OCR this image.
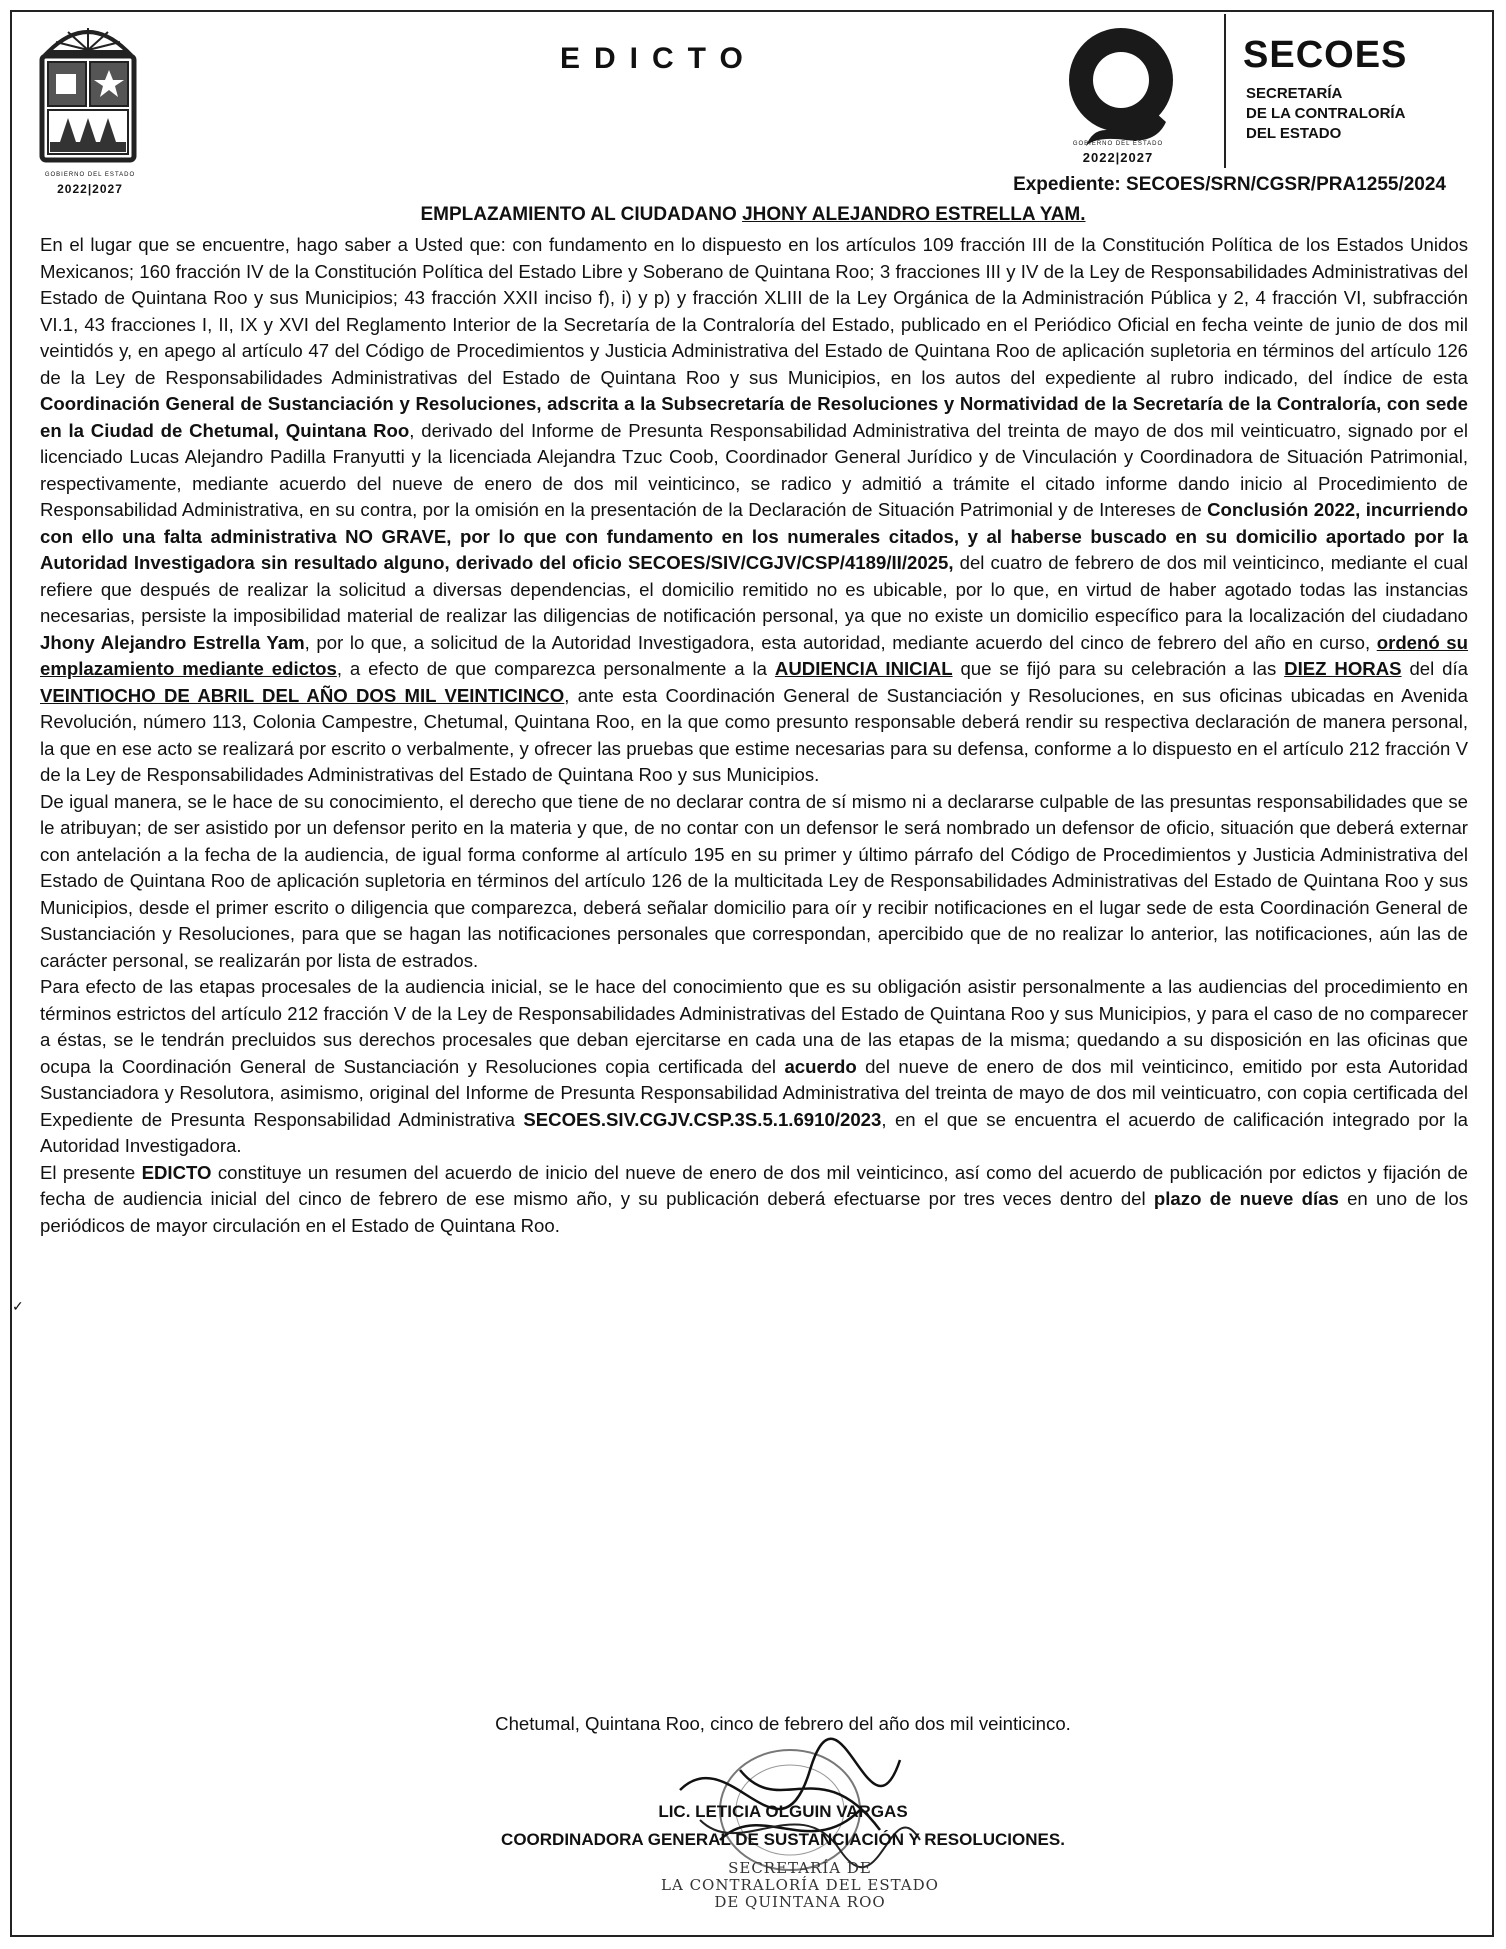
GOBIERNO DEL ESTADO
2022|2027
EDICTO
GOBIERNO DEL ESTADO
2022|2027
SECOES
SECRETARÍA
DE LA CONTRALORÍA
DEL ESTADO
Expediente: SECOES/SRN/CGSR/PRA1255/2024
EMPLAZAMIENTO AL CIUDADANO JHONY ALEJANDRO ESTRELLA YAM.

En el lugar que se encuentre, hago saber a Usted que: con fundamento en lo dispuesto en los artículos 109 fracción III de la Constitución Política de los Estados Unidos Mexicanos; 160 fracción IV de la Constitución Política del Estado Libre y Soberano de Quintana Roo; 3 fracciones III y IV de la Ley de Responsabilidades Administrativas del Estado de Quintana Roo y sus Municipios; 43 fracción XXII inciso f), i) y p) y fracción XLIII de la Ley Orgánica de la Administración Pública y 2, 4 fracción VI, subfracción VI.1, 43 fracciones I, II, IX y XVI del Reglamento Interior de la Secretaría de la Contraloría del Estado, publicado en el Periódico Oficial en fecha veinte de junio de dos mil veintidós y, en apego al artículo 47 del Código de Procedimientos y Justicia Administrativa del Estado de Quintana Roo de aplicación supletoria en términos del artículo 126 de la Ley de Responsabilidades Administrativas del Estado de Quintana Roo y sus Municipios, en los autos del expediente al rubro indicado, del índice de esta Coordinación General de Sustanciación y Resoluciones, adscrita a la Subsecretaría de Resoluciones y Normatividad de la Secretaría de la Contraloría, con sede en la Ciudad de Chetumal, Quintana Roo, derivado del Informe de Presunta Responsabilidad Administrativa del treinta de mayo de dos mil veinticuatro, signado por el licenciado Lucas Alejandro Padilla Franyutti y la licenciada Alejandra Tzuc Coob, Coordinador General Jurídico y de Vinculación y Coordinadora de Situación Patrimonial, respectivamente, mediante acuerdo del nueve de enero de dos mil veinticinco, se radico y admitió a trámite el citado informe dando inicio al Procedimiento de Responsabilidad Administrativa, en su contra, por la omisión en la presentación de la Declaración de Situación Patrimonial y de Intereses de Conclusión 2022, incurriendo con ello una falta administrativa NO GRAVE, por lo que con fundamento en los numerales citados, y al haberse buscado en su domicilio aportado por la Autoridad Investigadora sin resultado alguno, derivado del oficio SECOES/SIV/CGJV/CSP/4189/II/2025, del cuatro de febrero de dos mil veinticinco, mediante el cual refiere que después de realizar la solicitud a diversas dependencias, el domicilio remitido no es ubicable, por lo que, en virtud de haber agotado todas las instancias necesarias, persiste la imposibilidad material de realizar las diligencias de notificación personal, ya que no existe un domicilio específico para la localización del ciudadano Jhony Alejandro Estrella Yam, por lo que, a solicitud de la Autoridad Investigadora, esta autoridad, mediante acuerdo del cinco de febrero del año en curso, ordenó su emplazamiento mediante edictos, a efecto de que comparezca personalmente a la AUDIENCIA INICIAL que se fijó para su celebración a las DIEZ HORAS del día VEINTIOCHO DE ABRIL DEL AÑO DOS MIL VEINTICINCO, ante esta Coordinación General de Sustanciación y Resoluciones, en sus oficinas ubicadas en Avenida Revolución, número 113, Colonia Campestre, Chetumal, Quintana Roo, en la que como presunto responsable deberá rendir su respectiva declaración de manera personal, la que en ese acto se realizará por escrito o verbalmente, y ofrecer las pruebas que estime necesarias para su defensa, conforme a lo dispuesto en el artículo 212 fracción V de la Ley de Responsabilidades Administrativas del Estado de Quintana Roo y sus Municipios.

De igual manera, se le hace de su conocimiento, el derecho que tiene de no declarar contra de sí mismo ni a declararse culpable de las presuntas responsabilidades que se le atribuyan; de ser asistido por un defensor perito en la materia y que, de no contar con un defensor le será nombrado un defensor de oficio, situación que deberá externar con antelación a la fecha de la audiencia, de igual forma conforme al artículo 195 en su primer y último párrafo del Código de Procedimientos y Justicia Administrativa del Estado de Quintana Roo de aplicación supletoria en términos del artículo 126 de la multicitada Ley de Responsabilidades Administrativas del Estado de Quintana Roo y sus Municipios, desde el primer escrito o diligencia que comparezca, deberá señalar domicilio para oír y recibir notificaciones en el lugar sede de esta Coordinación General de Sustanciación y Resoluciones, para que se hagan las notificaciones personales que correspondan, apercibido que de no realizar lo anterior, las notificaciones, aún las de carácter personal, se realizarán por lista de estrados.

Para efecto de las etapas procesales de la audiencia inicial, se le hace del conocimiento que es su obligación asistir personalmente a las audiencias del procedimiento en términos estrictos del artículo 212 fracción V de la Ley de Responsabilidades Administrativas del Estado de Quintana Roo y sus Municipios, y para el caso de no comparecer a éstas, se le tendrán precluidos sus derechos procesales que deban ejercitarse en cada una de las etapas de la misma; quedando a su disposición en las oficinas que ocupa la Coordinación General de Sustanciación y Resoluciones copia certificada del acuerdo del nueve de enero de dos mil veinticinco, emitido por esta Autoridad Sustanciadora y Resolutora, asimismo, original del Informe de Presunta Responsabilidad Administrativa del treinta de mayo de dos mil veinticuatro, con copia certificada del Expediente de Presunta Responsabilidad Administrativa SECOES.SIV.CGJV.CSP.3S.5.1.6910/2023, en el que se encuentra el acuerdo de calificación integrado por la Autoridad Investigadora.

El presente EDICTO constituye un resumen del acuerdo de inicio del nueve de enero de dos mil veinticinco, así como del acuerdo de publicación por edictos y fijación de fecha de audiencia inicial del cinco de febrero de ese mismo año, y su publicación deberá efectuarse por tres veces dentro del plazo de nueve días en uno de los periódicos de mayor circulación en el Estado de Quintana Roo.

✓
Chetumal, Quintana Roo, cinco de febrero del año dos mil veinticinco.
LIC. LETICIA OLGUIN VARGAS
COORDINADORA GENERAL DE SUSTANCIACIÓN Y RESOLUCIONES.
SECRETARÍA DE
LA CONTRALORÍA DEL ESTADO
DE QUINTANA ROO
